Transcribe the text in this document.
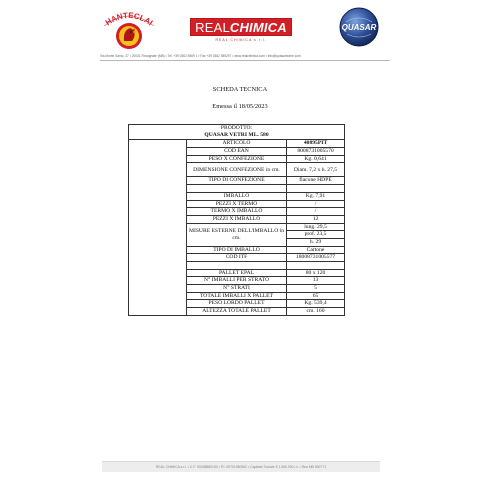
HANTECLAI	REALCHIMICA
REAL CHIMICA s.r.l.
QUASAR
Via Monte Santo, 37 • 20031 Rovagnate (MB) • Tel. +39 0362 5569 1 • Fax +39 0362 555297 • www.realchimica.com • info@quasarhome.com
SCHEDA TECNICA
Emessa il 18/05/2023
PRODOTTO:		
QUASAR VETRI ML. 580		
	ARTICOLO	40895PIT
	COD EAN	8008731005570
	PESO X CONFEZIONE	Kg. 0,641
	DIMENSIONE CONFEZIONE in cm.	Diam. 7,2 x h. 27,5
	TIPO DI CONFEZIONE	flacone HDPE

	IMBALLO	Kg. 7,91
	PEZZI X TERMO	/
	TERMO X IMBALLO	/
	PEZZI X IMBALLO	12
	MISURE ESTERNE DELL'IMBALLO in cm.	lung. 29,5
		prof. 23,5
		h. 29
	TIPO DI IMBALLO	Cartone
	COD ITF	18008731005577

	PALLET EPAL	80 x 120
	N° IMBALLI PER STRATO	13
	N° STRATI	5
	TOTALE IMBALLI X PALLET	65
	PESO LORDO PALLET	Kg. 539,4
	ALTEZZA TOTALE PALLET	cm. 160
REAL CHIMICA s.r.l. • C.F. 00338880150 • P.I. 00701980962 • Capitale Sociale € 1.560.000 i.v. • Rea MB 690771
